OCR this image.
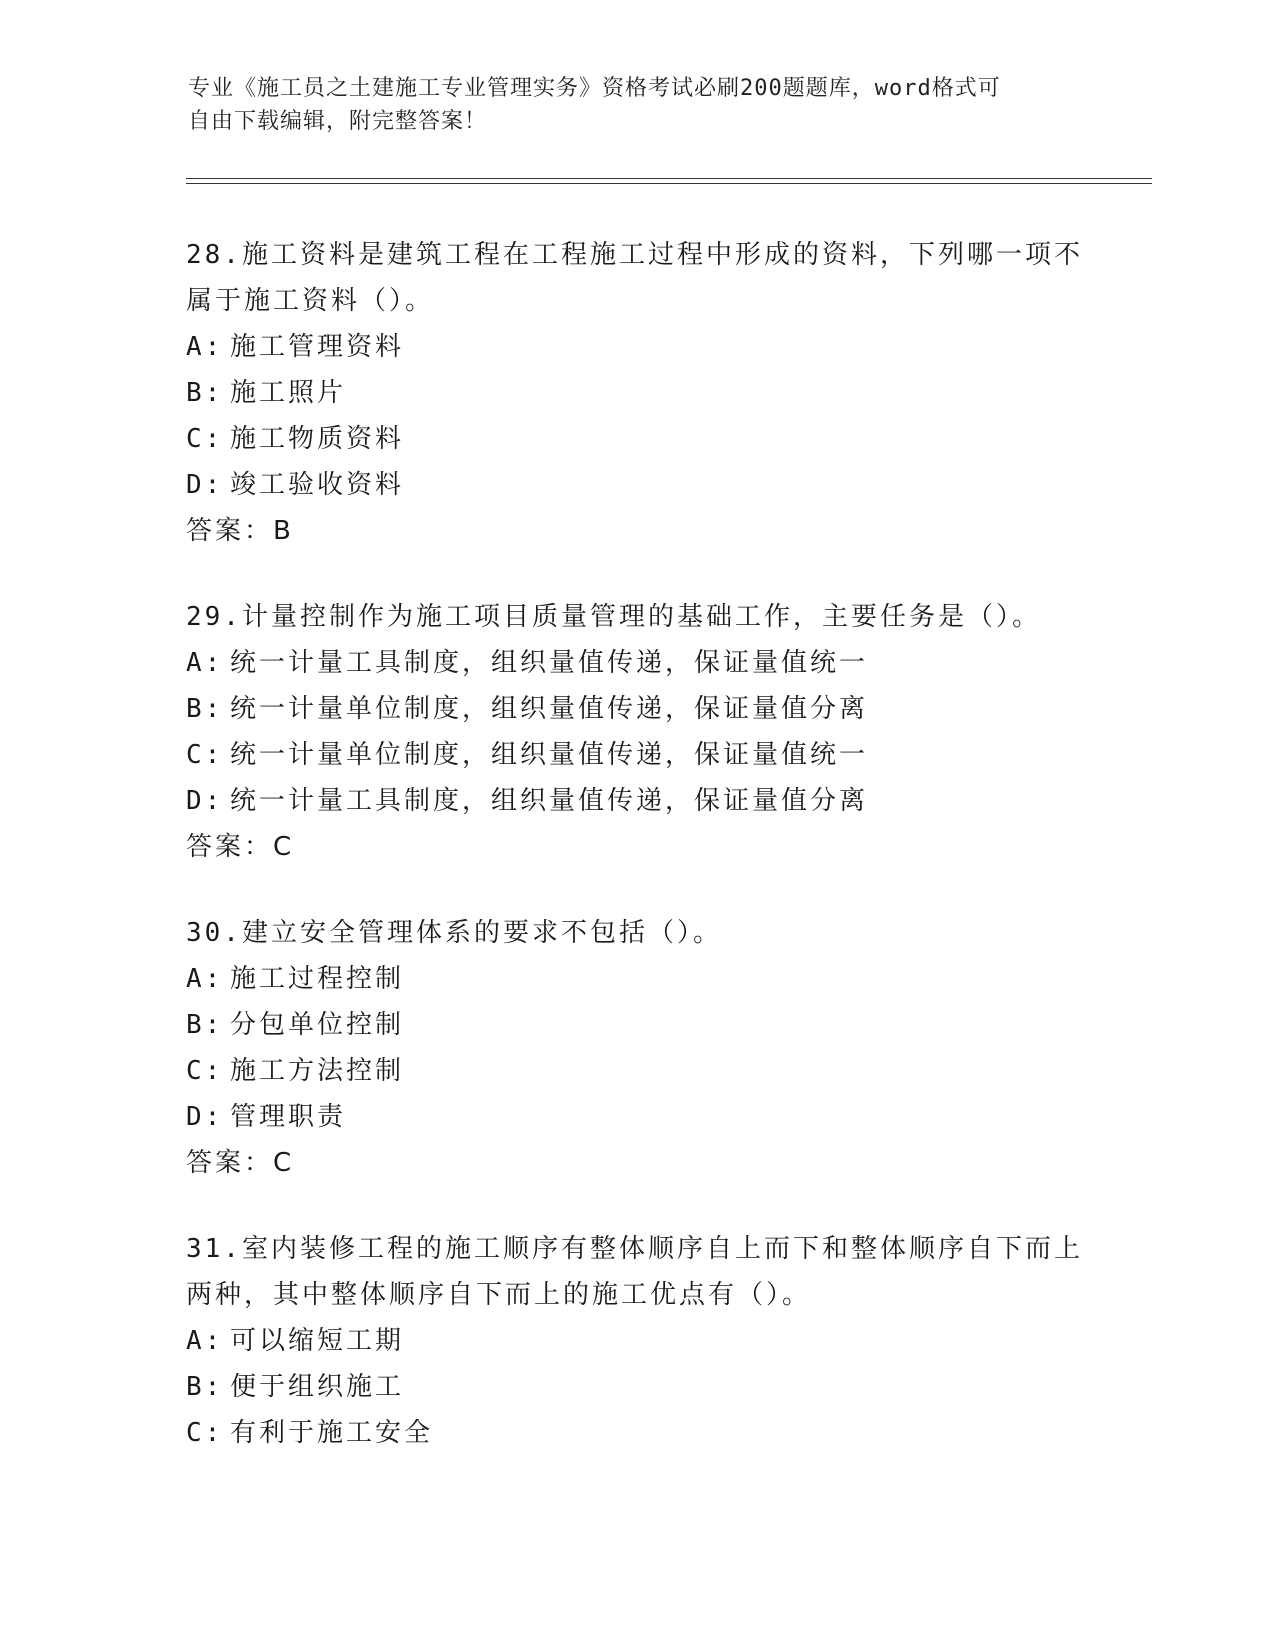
专业《施工员之土建施工专业管理实务》资格考试必刷200题题库，word格式可
自由下载编辑，附完整答案！

28.施工资料是建筑工程在工程施工过程中形成的资料，下列哪一项不

属于施工资料（）。

A: 施工管理资料

B: 施工照片

C: 施工物质资料

D: 竣工验收资料

答案：B

29.计量控制作为施工项目质量管理的基础工作，主要任务是（）。

A: 统一计量工具制度，组织量值传递，保证量值统一

B: 统一计量单位制度，组织量值传递，保证量值分离

C: 统一计量单位制度，组织量值传递，保证量值统一

D: 统一计量工具制度，组织量值传递，保证量值分离

答案：C

30.建立安全管理体系的要求不包括（）。

A: 施工过程控制

B: 分包单位控制

C: 施工方法控制

D: 管理职责

答案：C

31.室内装修工程的施工顺序有整体顺序自上而下和整体顺序自下而上

两种，其中整体顺序自下而上的施工优点有（）。

A: 可以缩短工期

B: 便于组织施工

C: 有利于施工安全
